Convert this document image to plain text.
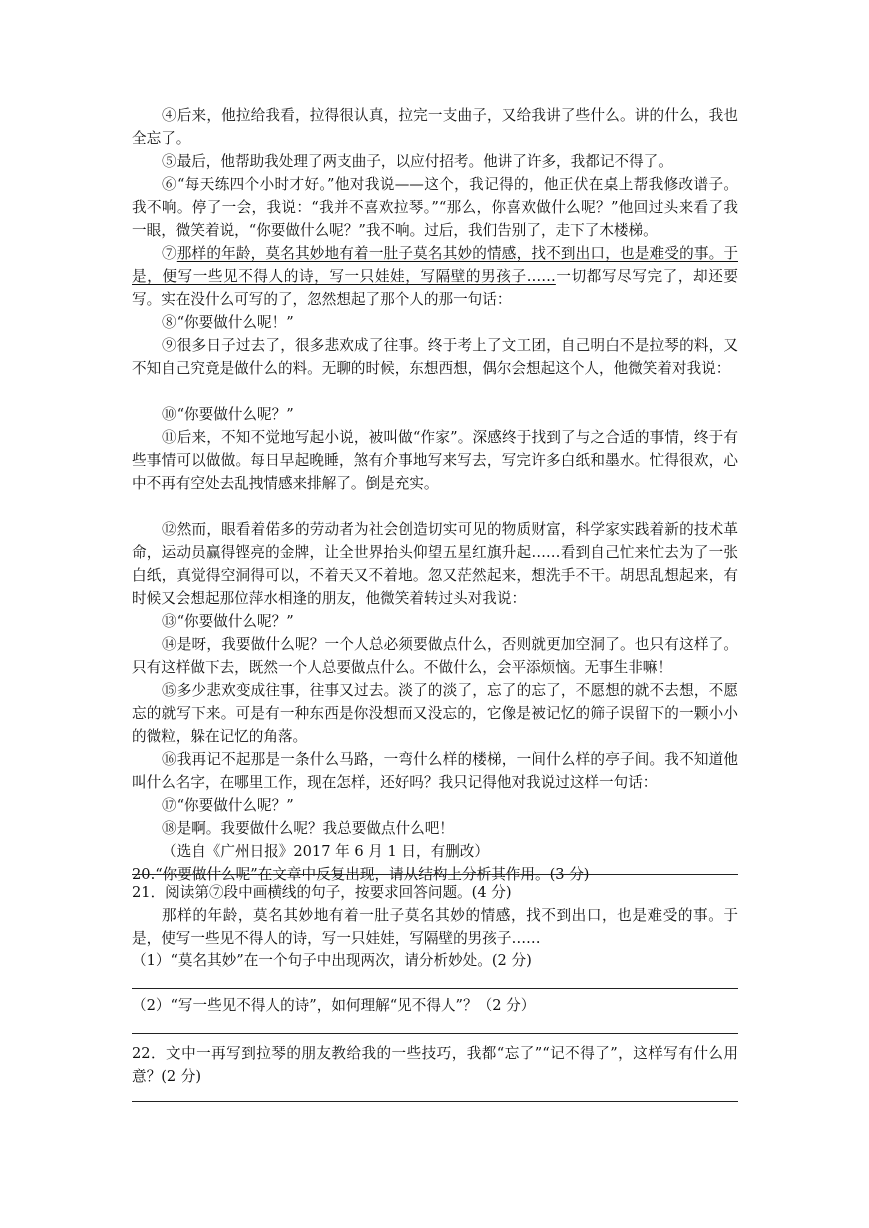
④后来，他拉给我看，拉得很认真，拉完一支曲子，又给我讲了些什么。讲的什么，我也全忘了。

⑤最后，他帮助我处理了两支曲子，以应付招考。他讲了许多，我都记不得了。

⑥“每天练四个小时才好。”他对我说——这个，我记得的，他正伏在桌上帮我修改谱子。我不响。停了一会，我说：“我并不喜欢拉琴。”“那么，你喜欢做什么呢？”他回过头来看了我一眼，微笑着说，“你要做什么呢？”我不响。过后，我们告别了，走下了木楼梯。

⑦那样的年龄，莫名其妙地有着一肚子莫名其妙的情感，找不到出口，也是难受的事。于是，便写一些见不得人的诗，写一只娃娃，写隔壁的男孩子……一切都写尽写完了，却还要写。实在没什么可写的了，忽然想起了那个人的那一句话：

⑧“你要做什么呢！”

⑨很多日子过去了，很多悲欢成了往事。终于考上了文工团，自己明白不是拉琴的料，又不知自己究竟是做什么的料。无聊的时候，东想西想，偶尔会想起这个人，他微笑着对我说：

⑩“你要做什么呢？”

⑪后来，不知不觉地写起小说，被叫做“作家”。深感终于找到了与之合适的事情，终于有些事情可以做做。每日早起晚睡，煞有介事地写来写去，写完许多白纸和墨水。忙得很欢，心中不再有空处去乱拽情感来排解了。倒是充实。

⑫然而，眼看着偌多的劳动者为社会创造切实可见的物质财富，科学家实践着新的技术革命，运动员赢得铿亮的金牌，让全世界抬头仰望五星红旗升起……看到自己忙来忙去为了一张白纸，真觉得空洞得可以，不着天又不着地。忽又茫然起来，想洗手不干。胡思乱想起来，有时候又会想起那位萍水相逢的朋友，他微笑着转过头对我说：

⑬“你要做什么呢？”

⑭是呀，我要做什么呢？一个人总必须要做点什么，否则就更加空洞了。也只有这样了。只有这样做下去，既然一个人总要做点什么。不做什么，会平添烦恼。无事生非嘛！

⑮多少悲欢变成往事，往事又过去。淡了的淡了，忘了的忘了，不愿想的就不去想，不愿忘的就写下来。可是有一种东西是你没想而又没忘的，它像是被记忆的筛子误留下的一颗小小的微粒，躲在记忆的角落。

⑯我再记不起那是一条什么马路，一弯什么样的楼梯，一间什么样的亭子间。我不知道他叫什么名字，在哪里工作，现在怎样，还好吗？我只记得他对我说过这样一句话：

⑰“你要做什么呢？”

⑱是啊。我要做什么呢？我总要做点什么吧！

（选自《广州日报》2017 年 6 月 1 日，有删改）

20.“你要做什么呢”在文章中反复出现，请从结构上分析其作用。(3 分)

21．阅读第⑦段中画横线的句子，按要求回答问题。(4 分)

那样的年龄，莫名其妙地有着一肚子莫名其妙的情感，找不到出口，也是难受的事。于是，使写一些见不得人的诗，写一只娃娃，写隔壁的男孩子……

（1）“莫名其妙”在一个句子中出现两次，请分析妙处。(2 分)

（2）“写一些见不得人的诗”，如何理解“见不得人”？（2 分）

22．文中一再写到拉琴的朋友教给我的一些技巧，我都“忘了”“记不得了”，这样写有什么用意？(2 分)
